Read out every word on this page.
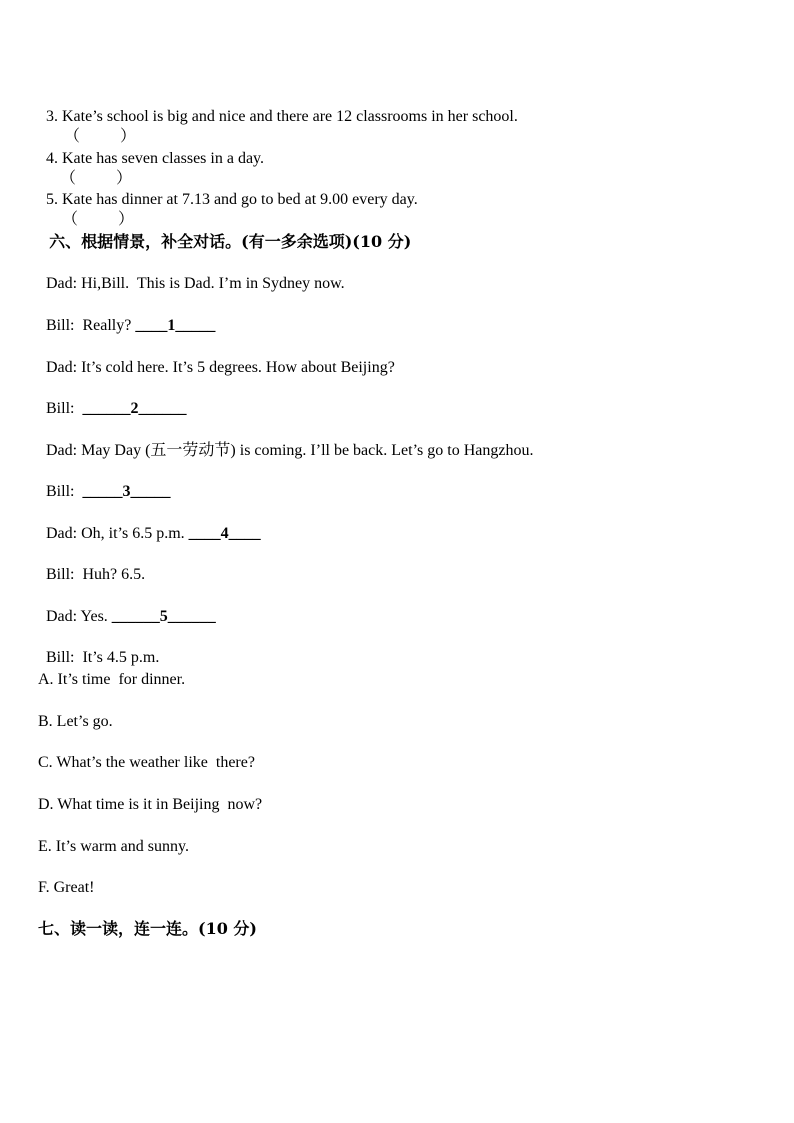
3. Kate’s school is big and nice and there are 12 classrooms in her school.
（          ）

4. Kate has seven classes in a day.
（          ）

5. Kate has dinner at 7.13 and go to bed at 9.00 every day.
（          ）

六、根据情景，补全对话。(有一多余选项)(10 分)

Dad: Hi,Bill.  This is Dad. I’m in Sydney now.

Bill:  Really? ____1_____

Dad: It’s cold here. It’s 5 degrees. How about Beijing?

Bill:  ______2______

Dad: May Day (五一劳动节) is coming. I’ll be back. Let’s go to Hangzhou.

Bill:  _____3_____

Dad: Oh, it’s 6.5 p.m. ____4____

Bill:  Huh? 6.5.

Dad: Yes. ______5______

Bill:  It’s 4.5 p.m.

A. It’s time  for dinner.
B. Let’s go.
C. What’s the weather like  there?
D. What time is it in Beijing  now?
E. It’s warm and sunny.
F. Great!
七、读一读，连一连。(10 分)
